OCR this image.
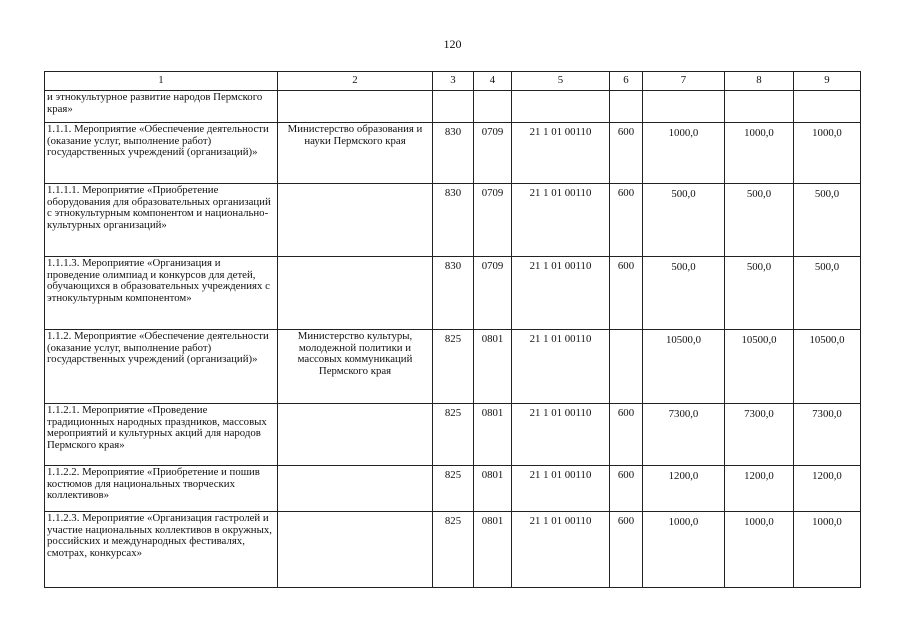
120
1	2	3	4	5	6	7	8	9
и этнокультурное развитие народов Пермского края»								
1.1.1. Мероприятие «Обеспечение деятельности (оказание услуг, выполнение работ) государственных учреждений (организаций)»	Министерство образования и науки Пермского края	830	0709	21 1 01 00110	600	1000,0	1000,0	1000,0
1.1.1.1. Мероприятие «Приобретение оборудования для образовательных организаций с этнокультурным компонентом и национально-культурных организаций»		830	0709	21 1 01 00110	600	500,0	500,0	500,0
1.1.1.3. Мероприятие «Организация и проведение олимпиад и конкурсов для детей, обучающихся в образовательных учреждениях с этнокультурным компонентом»		830	0709	21 1 01 00110	600	500,0	500,0	500,0
1.1.2. Мероприятие «Обеспечение деятельности (оказание услуг, выполнение работ) государственных учреждений (организаций)»	Министерство культуры, молодежной политики и массовых коммуникаций Пермского края	825	0801	21 1 01 00110		10500,0	10500,0	10500,0
1.1.2.1. Мероприятие «Проведение традиционных народных праздников, массовых мероприятий и культурных акций для народов Пермского края»		825	0801	21 1 01 00110	600	7300,0	7300,0	7300,0
1.1.2.2. Мероприятие «Приобретение и пошив костюмов для национальных творческих коллективов»		825	0801	21 1 01 00110	600	1200,0	1200,0	1200,0
1.1.2.3. Мероприятие «Организация гастролей и участие национальных коллективов в окружных, российских и международных фестивалях, смотрах, конкурсах»		825	0801	21 1 01 00110	600	1000,0	1000,0	1000,0
